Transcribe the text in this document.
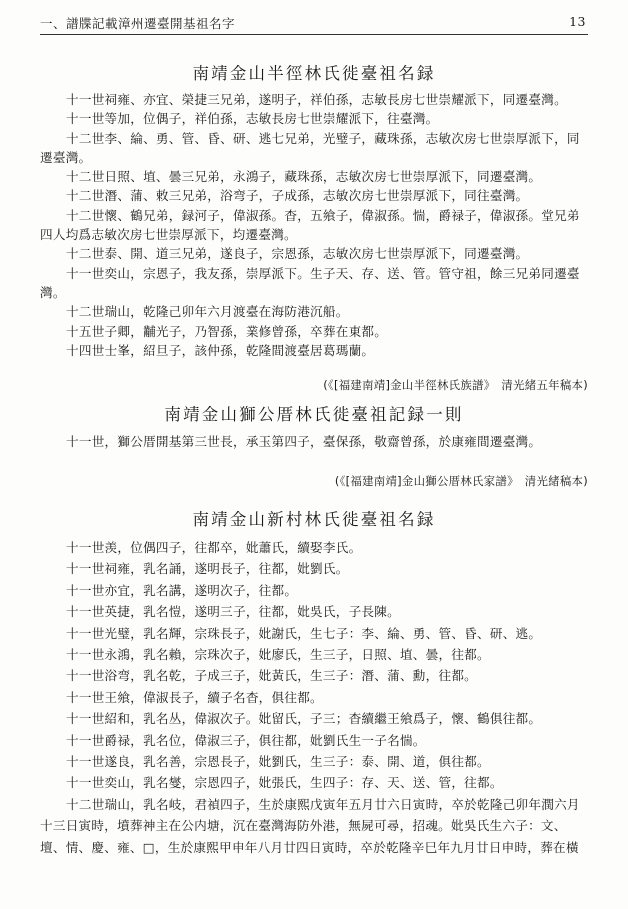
一、譜牒記載漳州遷臺開基祖名字	13
南靖金山半徑林氏徙臺祖名録

十一世祠雍、亦宜、榮捷三兄弟，遂明子，祥伯孫，志敏長房七世崇耀派下，同遷臺灣。

十一世等加，位偶子，祥伯孫，志敏長房七世崇耀派下，往臺灣。

十二世李、綸、勇、管、昏、研、逃七兄弟，光璧子，藏珠孫，志敏次房七世崇厚派下，同遷臺灣。

十二世日照、埴、曇三兄弟，永鴻子，藏珠孫，志敏次房七世崇厚派下，同遷臺灣。

十二世潛、蒲、敕三兄弟，浴弯子，子成孫，志敏次房七世崇厚派下，同往臺灣。

十二世懷、鶴兄弟，録河子，偉淑孫。杳，五飨子，偉淑孫。惴，爵禄子，偉淑孫。堂兄弟四人均爲志敏次房七世崇厚派下，均遷臺灣。

十二世泰、開、道三兄弟，遂良子，宗恩孫，志敏次房七世崇厚派下，同遷臺灣。

十一世奕山，宗恩子，我友孫，崇厚派下。生子天、存、送、管。管守祖，餘三兄弟同遷臺灣。

十二世瑞山，乾隆己卯年六月渡臺在海防港沉船。

十五世子卿，黼光子，乃智孫，業修曾孫，卒葬在東都。

十四世士峯，紹旦子，該仲孫，乾隆間渡臺居葛瑪蘭。

(《[福建南靖]金山半徑林氏族譜》　清光緒五年稿本)
南靖金山獅公厝林氏徙臺祖記録一則

十一世，獅公厝開基第三世長，承玉第四子，臺保孫，敬齋曾孫，於康雍間遷臺灣。

(《[福建南靖]金山獅公厝林氏家譜》　清光緒稿本)
南靖金山新村林氏徙臺祖名録

十一世羡，位偶四子，往都卒，妣蕭氏，續娶李氏。

十一世祠雍，乳名誦，遂明長子，往都，妣劉氏。

十一世亦宜，乳名講，遂明次子，往都。

十一世英捷，乳名愷，遂明三子，往都，妣吳氏，子長陳。

十一世光璧，乳名輝，宗珠長子，妣謝氏，生七子：李、綸、勇、管、昏、研、逃。

十一世永鴻，乳名賴，宗珠次子，妣廖氏，生三子，日照、埴、曇，往都。

十一世浴弯，乳名乾，子成三子，妣黃氏，生三子：潛、蒲、勳，往都。

十一世王飨，偉淑長子，續子名杳，俱往都。

十一世紹和，乳名丛，偉淑次子。妣留氏，子三；杳續繼王飨爲子，懷、鶴俱往都。

十一世爵禄，乳名位，偉淑三子，俱往都，妣劉氏生一子名惴。

十一世遂良，乳名善，宗恩長子，妣劉氏，生三子：泰、開、道，俱往都。

十一世奕山，乳名燮，宗恩四子，妣張氏，生四子：存、天、送、管，往都。

十二世瑞山，乳名岐，君禎四子，生於康熙戊寅年五月廿六日寅時，卒於乾隆己卯年潤六月十三日寅時，墳葬神主在公内塘，沉在臺灣海防外港，無屍可尋，招魂。妣吳氏生六子：文、壇、情、慶、雍、□，生於康熙甲申年八月廿四日寅時，卒於乾隆辛巳年九月廿日申時，葬在橫
